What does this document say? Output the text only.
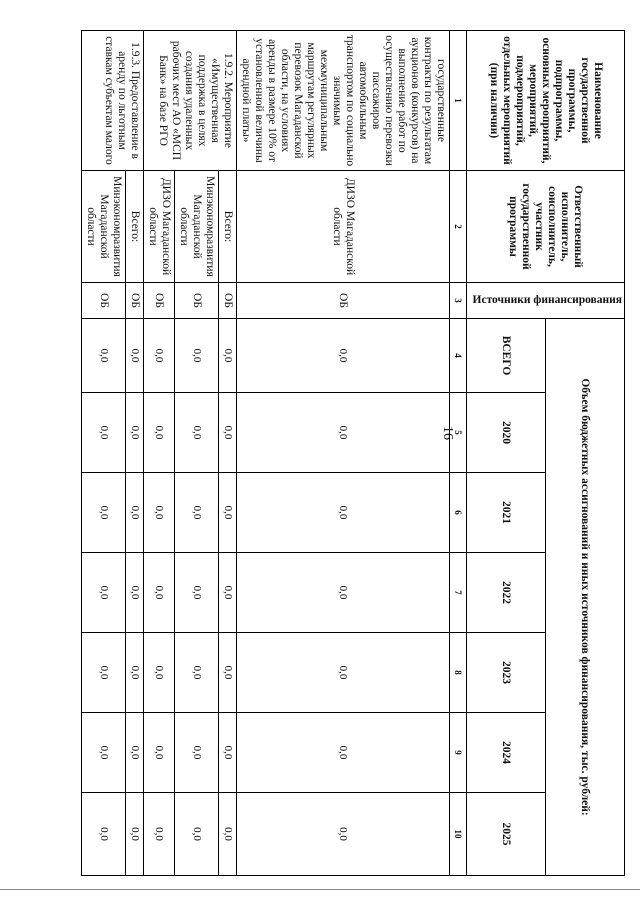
16
Наименование государственной программы, подпрограммы, основных мероприятий, мероприятий, подмероприятий, отдельных мероприятий (при наличии)	Ответственный исполнитель, соисполнитель, участник государственной программы	Источники финансирования	Объем бюджетных ассигнований и иных источников финансирования, тыс. рублей:						
			ВСЕГО	2020	2021	2022	2023	2024	2025
1	2	3	4	5	6	7	8	9	10
государственные контракты по результатам аукционов (конкурсов) на выполнение работ по осуществлению перевозки пассажиров автомобильным транспортом по социально значимым межмуниципальным маршрутам регулярных перевозок Магаданской области, на условиях аренды в размере 10% от установленной величины арендной платы»	ДИЗО Магаданской области	ОБ	0,0	0,0	0,0	0,0	0,0	0,0	0,0
1.9.2. Мероприятие «Имущественная поддержка в целях создания удаленных рабочих мест АО «МСП Банк» на базе РГО	Всего:	ОБ	0,0	0,0	0,0	0,0	0,0	0,0	0,0
	Минэкономразвития Магаданской области	ОБ	0,0	0,0	0,0	0,0	0,0	0,0	0,0
	ДИЗО Магаданской области	ОБ	0,0	0,0	0,0	0,0	0,0	0,0	0,0
1.9.3. Предоставление в аренду по льготным ставкам субъектам малого	Всего:	ОБ	0,0	0,0	0,0	0,0	0,0	0,0	0,0
	Минэкономразвития Магаданской области	ОБ	0,0	0,0	0,0	0,0	0,0	0,0	0,0
